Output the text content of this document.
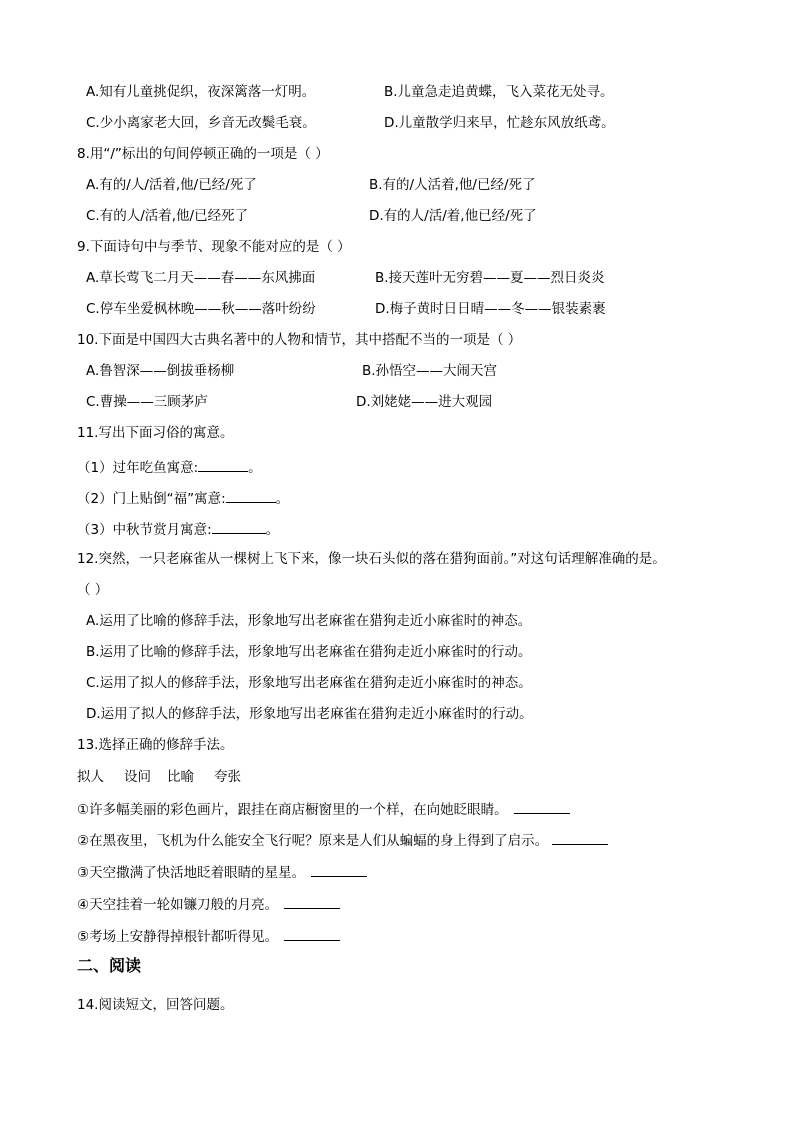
A.知有儿童挑促织，夜深篱落一灯明。	B.儿童急走追黄蝶，飞入菜花无处寻。
C.少小离家老大回，乡音无改鬓毛衰。	D.儿童散学归来早，忙趁东风放纸鸢。
8.用“/”标出的句间停顿正确的一项是（ ）
A.有的/人/活着,他/已经/死了	B.有的/人活着,他/已经/死了
C.有的人/活着,他/已经死了	D.有的人/活/着,他已经/死了
9.下面诗句中与季节、现象不能对应的是（ ）
A.草长莺飞二月天——春——东风拂面	B.接天莲叶无穷碧——夏——烈日炎炎
C.停车坐爱枫林晚——秋——落叶纷纷	D.梅子黄时日日晴——冬——银装素裹
10.下面是中国四大古典名著中的人物和情节，其中搭配不当的一项是（ ）
A.鲁智深——倒拔垂杨柳	B.孙悟空——大闹天宫
C.曹操——三顾茅庐	D.刘姥姥——进大观园
11.写出下面习俗的寓意。
（1）过年吃鱼寓意:	。
（2）门上贴倒“福”寓意:	。
（3）中秋节赏月寓意:	。
12.突然，一只老麻雀从一棵树上飞下来，像一块石头似的落在猎狗面前。”对这句话理解准确的是。
（ ）
A.运用了比喻的修辞手法，形象地写出老麻雀在猎狗走近小麻雀时的神态。
B.运用了比喻的修辞手法，形象地写出老麻雀在猎狗走近小麻雀时的行动。
C.运用了拟人的修辞手法，形象地写出老麻雀在猎狗走近小麻雀时的神态。
D.运用了拟人的修辞手法，形象地写出老麻雀在猎狗走近小麻雀时的行动。
13.选择正确的修辞手法。
拟人 设问 比喻 夸张
①许多幅美丽的彩色画片，跟挂在商店橱窗里的一个样，在向她眨眼睛。
②在黑夜里，飞机为什么能安全飞行呢？原来是人们从蝙蝠的身上得到了启示。
③天空撒满了快活地眨着眼睛的星星。
④天空挂着一轮如镰刀般的月亮。
⑤考场上安静得掉根针都听得见。
二、阅读
14.阅读短文，回答问题。
